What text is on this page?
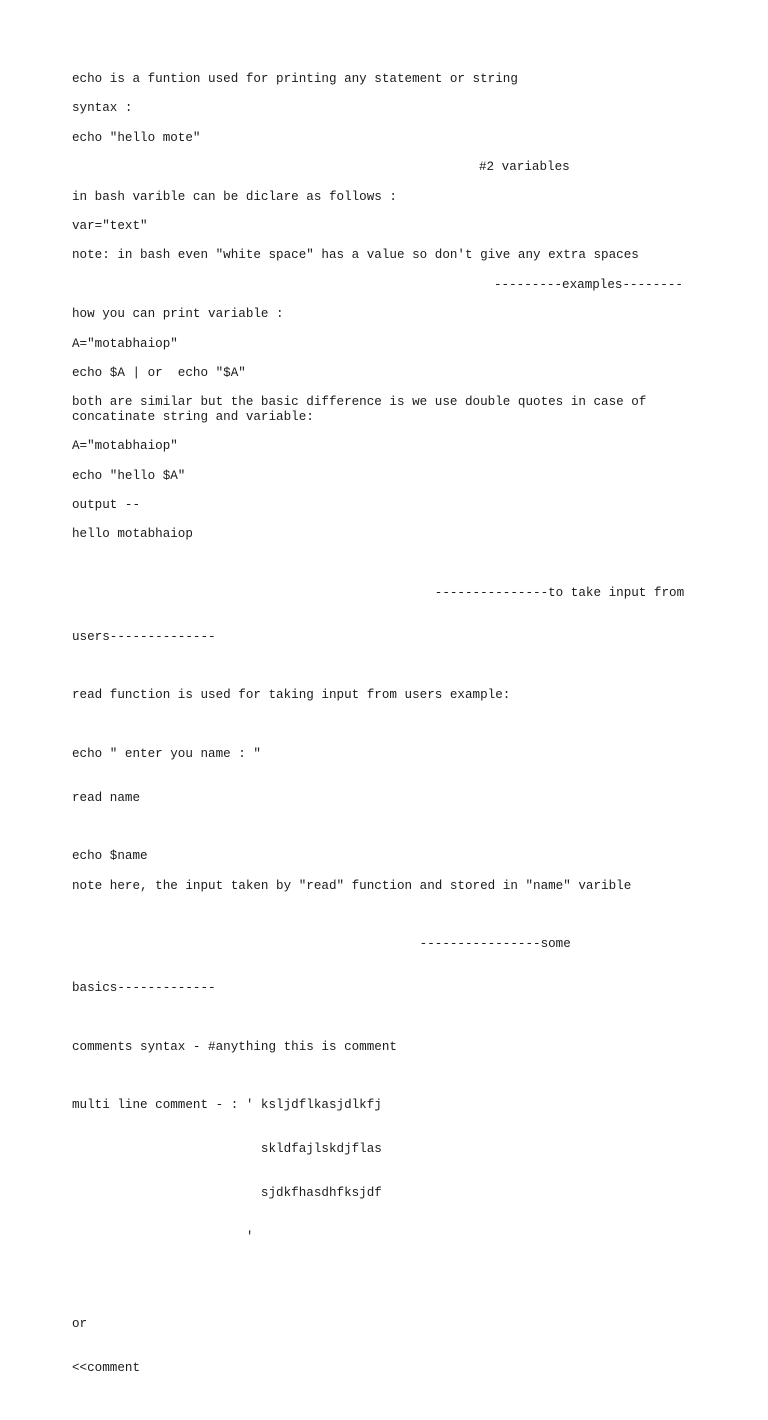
echo is a funtion used for printing any statement or string

syntax :

echo "hello mote"

#2 variables

in bash varible can be diclare as follows :

var="text"

note: in bash even "white space" has a value so don't give any extra spaces

---------examples--------

how you can print variable :

A="motabhaiop"

echo $A | or  echo "$A"

both are similar but the basic difference is we use double quotes in case of concatinate string and variable:

A="motabhaiop"

echo "hello $A"

output --

hello motabhaiop

---------------to take input from

users--------------

read function is used for taking input from users example:

echo " enter you name : "

read name

echo $name

note here, the input taken by "read" function and stored in "name" varible

----------------some

basics-------------

comments syntax - #anything this is comment

multi line comment - : ' ksljdflkasjdlkfj

skldfajlskdjflas

sjdkfhasdhfksjdf

'

or

<<comment
